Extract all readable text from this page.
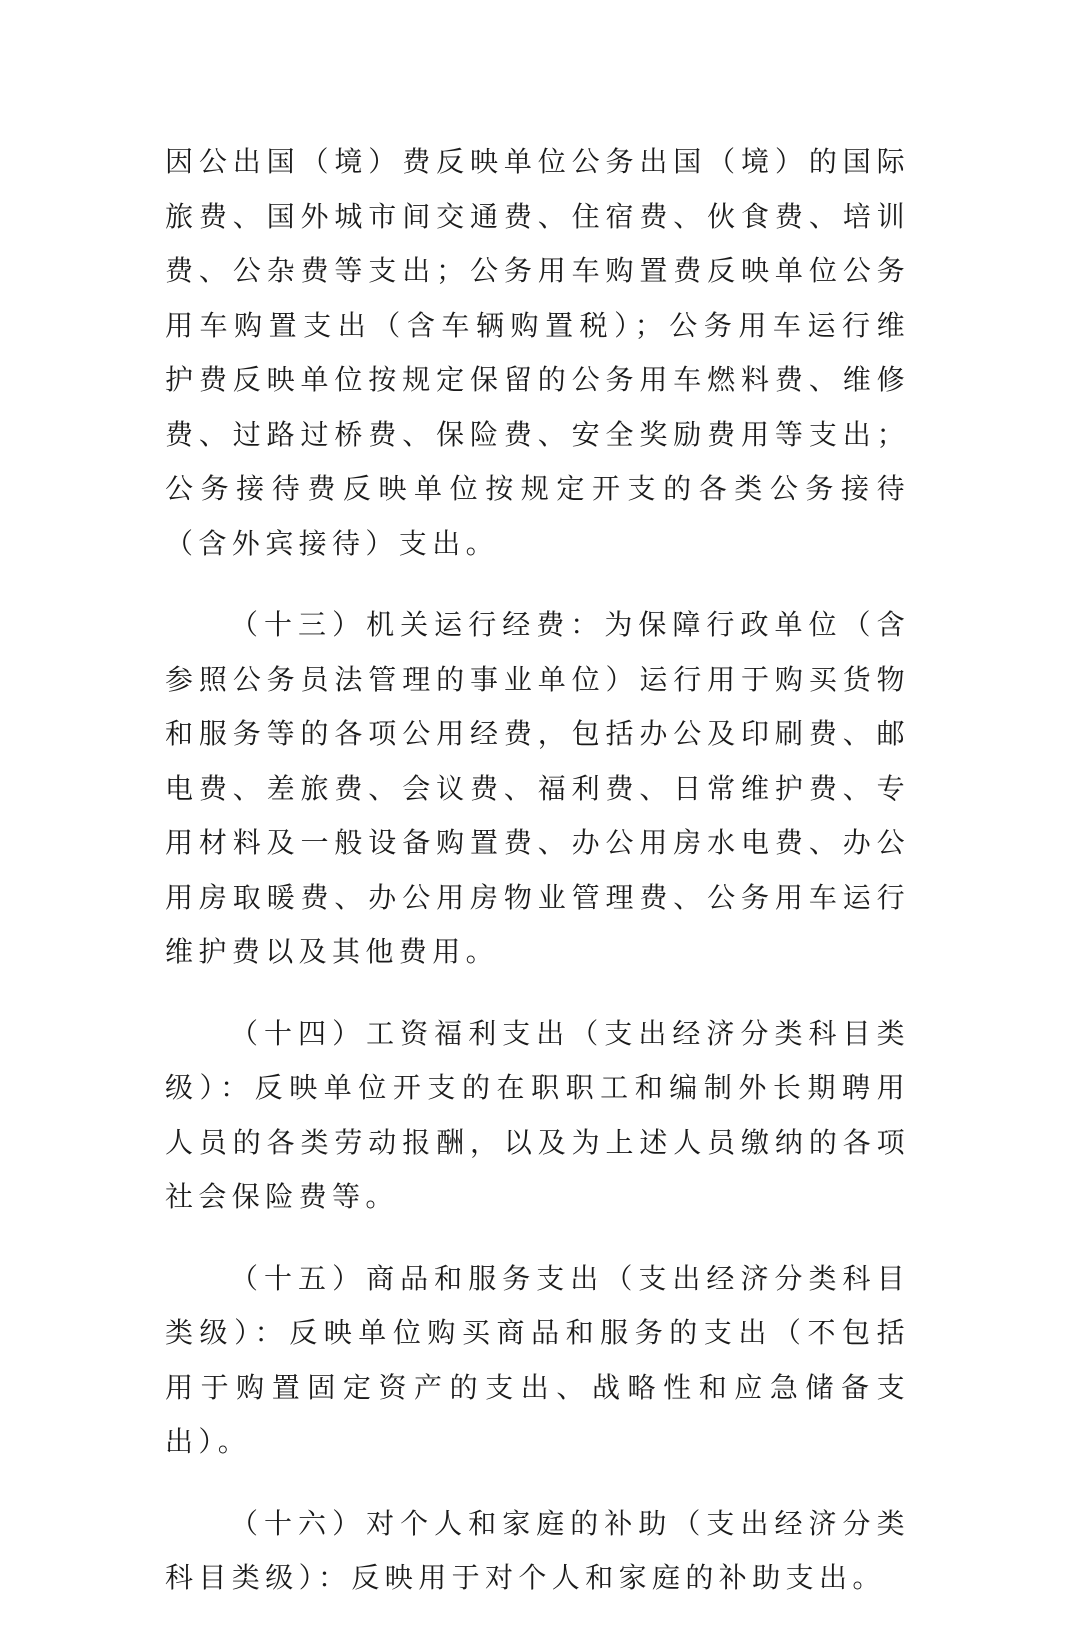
因公出国（境）费反映单位公务出国（境）的国际旅费、国外城市间交通费、住宿费、伙食费、培训费、公杂费等支出；公务用车购置费反映单位公务用车购置支出（含车辆购置税）；公务用车运行维护费反映单位按规定保留的公务用车燃料费、维修费、过路过桥费、保险费、安全奖励费用等支出；公务接待费反映单位按规定开支的各类公务接待（含外宾接待）支出。

（十三）机关运行经费：为保障行政单位（含参照公务员法管理的事业单位）运行用于购买货物和服务等的各项公用经费，包括办公及印刷费、邮电费、差旅费、会议费、福利费、日常维护费、专用材料及一般设备购置费、办公用房水电费、办公用房取暖费、办公用房物业管理费、公务用车运行维护费以及其他费用。

（十四）工资福利支出（支出经济分类科目类级）：反映单位开支的在职职工和编制外长期聘用人员的各类劳动报酬，以及为上述人员缴纳的各项社会保险费等。

（十五）商品和服务支出（支出经济分类科目类级）：反映单位购买商品和服务的支出（不包括用于购置固定资产的支出、战略性和应急储备支出）。

（十六）对个人和家庭的补助（支出经济分类科目类级）：反映用于对个人和家庭的补助支出。
